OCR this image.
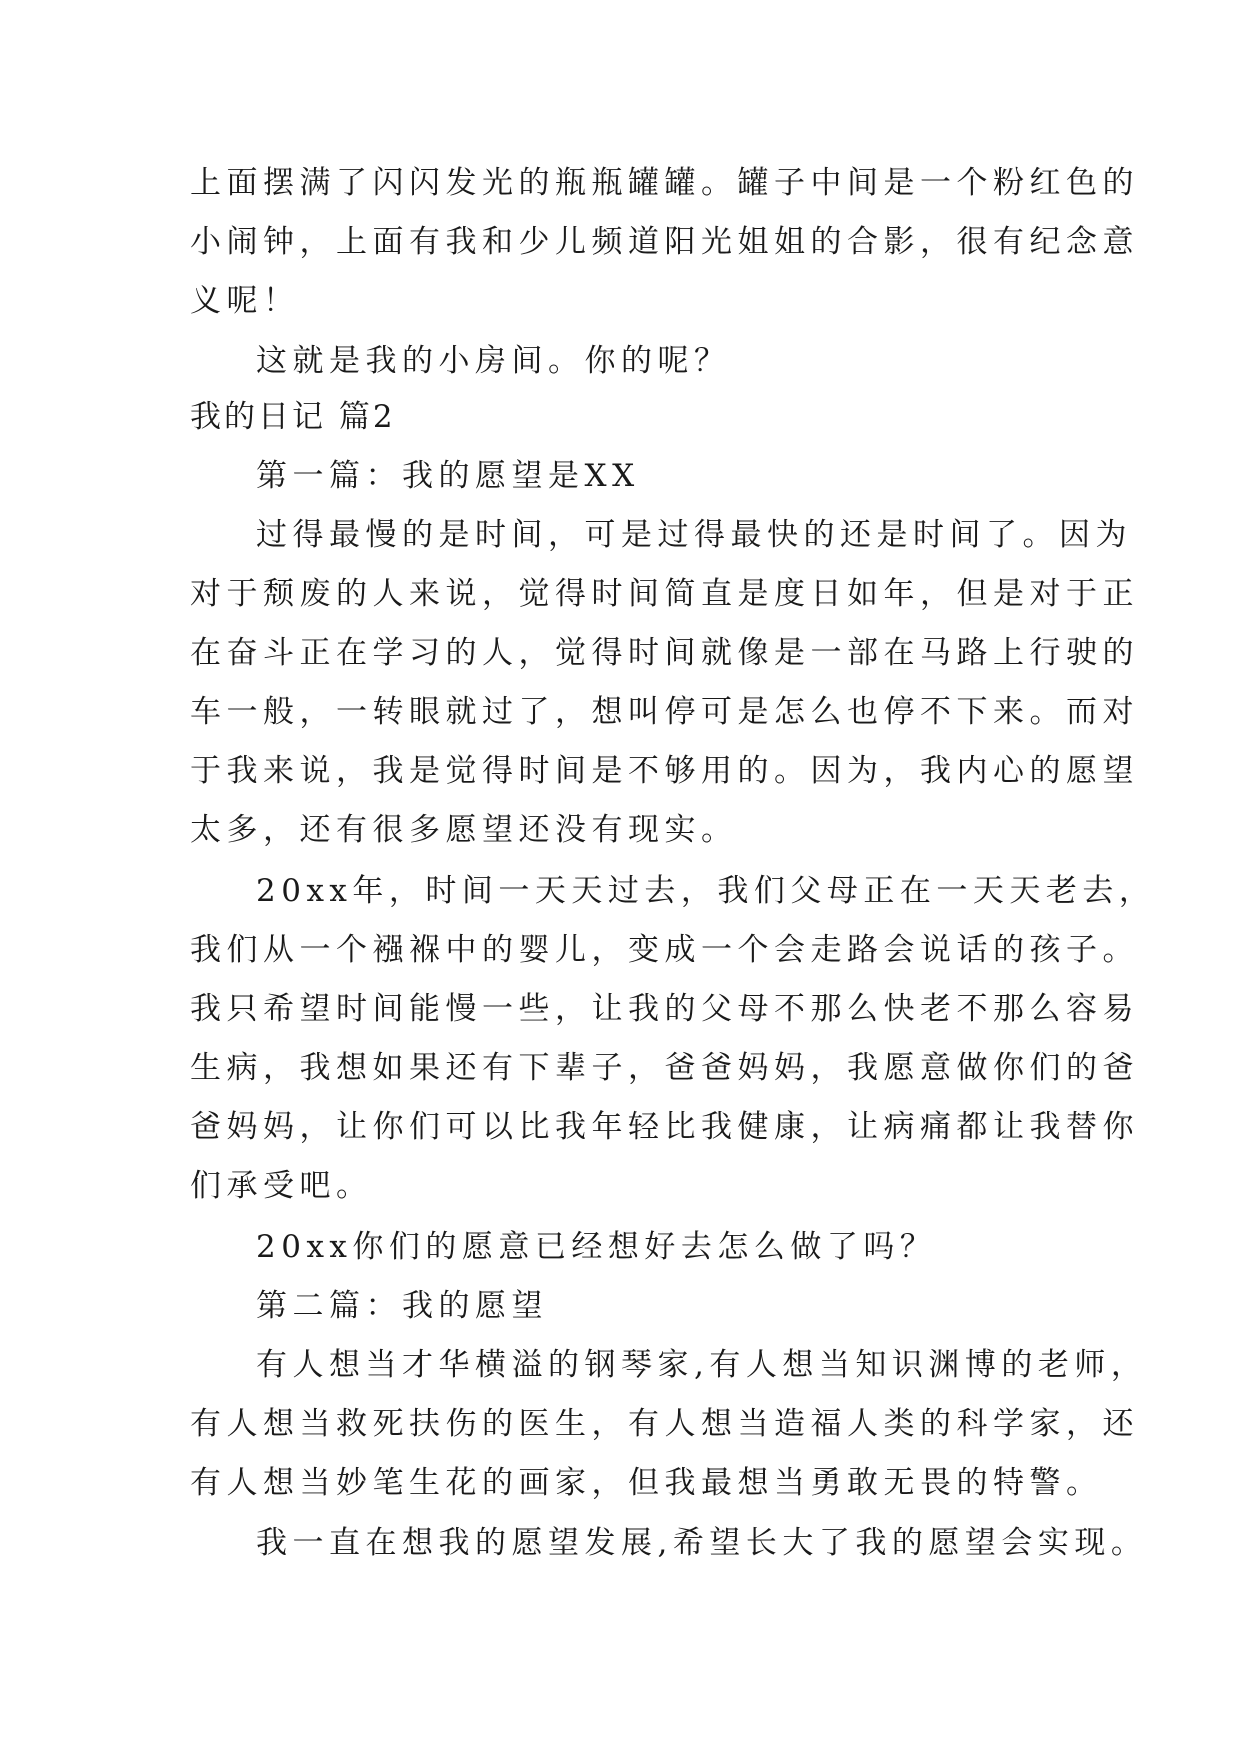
上面摆满了闪闪发光的瓶瓶罐罐。罐子中间是一个粉红色的
小闹钟，上面有我和少儿频道阳光姐姐的合影，很有纪念意
义呢！
这就是我的小房间。你的呢？
我的日记 篇2
第一篇：我的愿望是XX
过得最慢的是时间，可是过得最快的还是时间了。因为
对于颓废的人来说，觉得时间简直是度日如年，但是对于正
在奋斗正在学习的人，觉得时间就像是一部在马路上行驶的
车一般，一转眼就过了，想叫停可是怎么也停不下来。而对
于我来说，我是觉得时间是不够用的。因为，我内心的愿望
太多，还有很多愿望还没有现实。
20xx年，时间一天天过去，我们父母正在一天天老去，
我们从一个襁褓中的婴儿，变成一个会走路会说话的孩子。
我只希望时间能慢一些，让我的父母不那么快老不那么容易
生病，我想如果还有下辈子，爸爸妈妈，我愿意做你们的爸
爸妈妈，让你们可以比我年轻比我健康，让病痛都让我替你
们承受吧。
20xx你们的愿意已经想好去怎么做了吗？
第二篇：我的愿望
有人想当才华横溢的钢琴家,有人想当知识渊博的老师，
有人想当救死扶伤的医生，有人想当造福人类的科学家，还
有人想当妙笔生花的画家，但我最想当勇敢无畏的特警。
我一直在想我的愿望发展,希望长大了我的愿望会实现。
